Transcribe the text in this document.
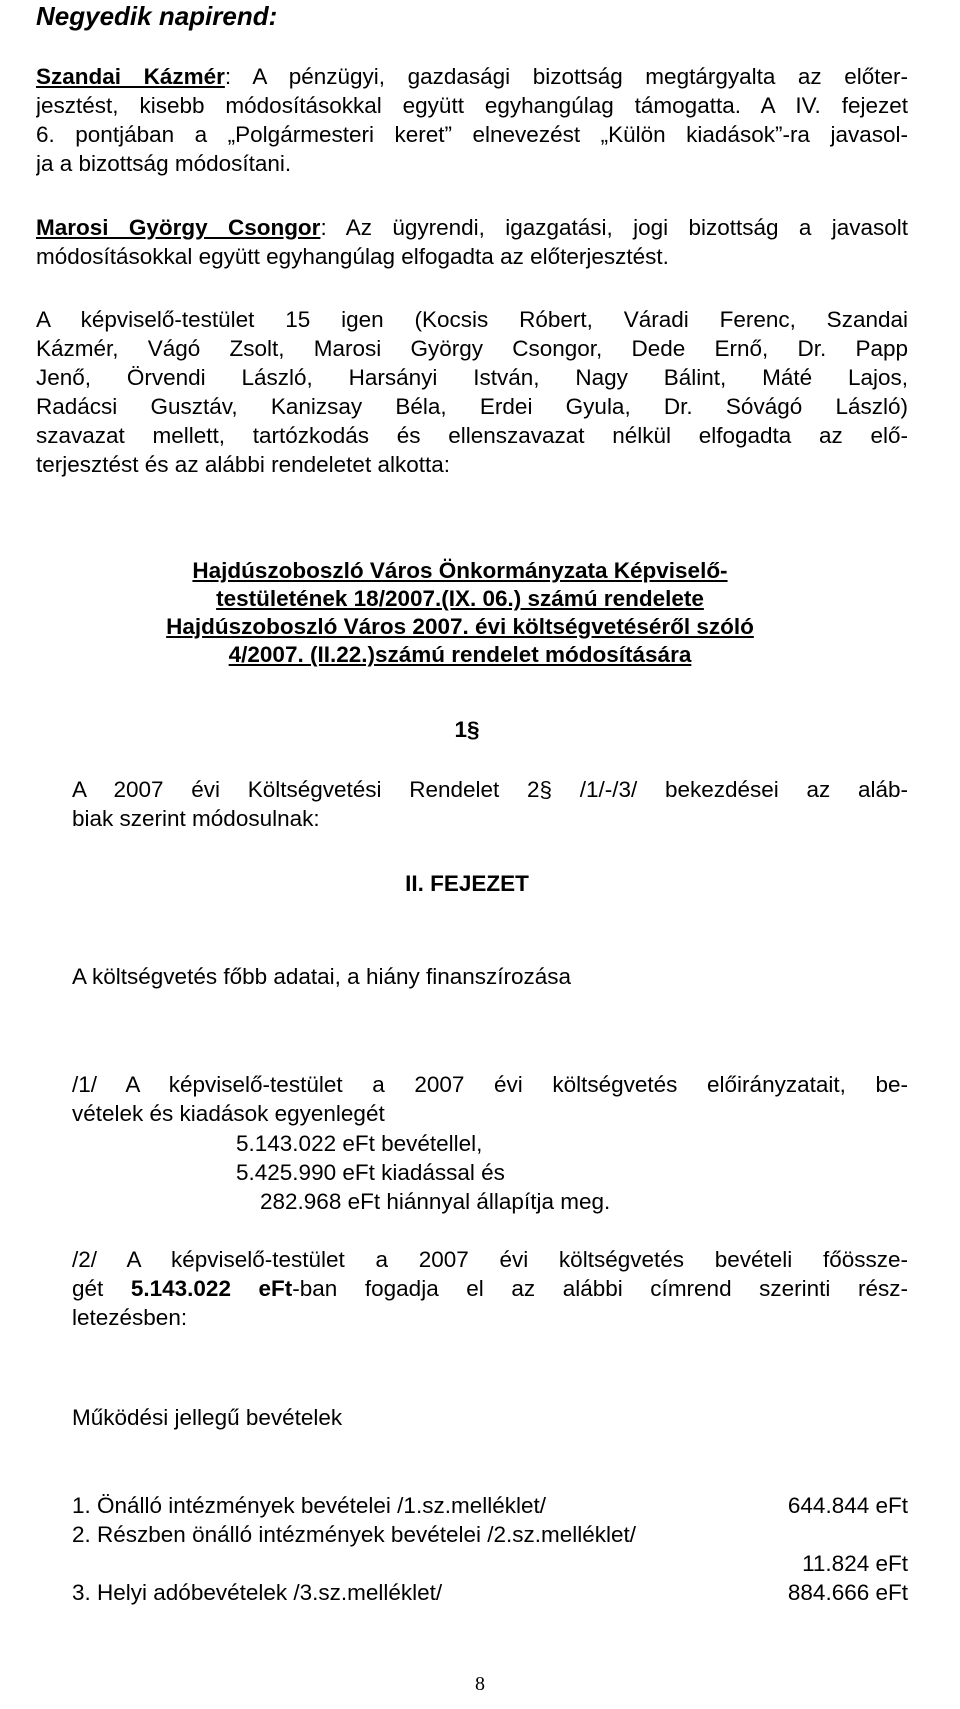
Negyedik napirend:
Szandai Kázmér: A pénzügyi, gazdasági bizottság megtárgyalta az előter-
jesztést, kisebb módosításokkal együtt egyhangúlag támogatta. A IV. fejezet
6. pontjában a „Polgármesteri keret” elnevezést „Külön kiadások”-ra javasol-
ja a bizottság módosítani.
Marosi György Csongor: Az ügyrendi, igazgatási, jogi bizottság a javasolt
módosításokkal együtt egyhangúlag elfogadta az előterjesztést.
A képviselő-testület 15 igen (Kocsis Róbert, Váradi Ferenc, Szandai
Kázmér, Vágó Zsolt, Marosi György Csongor, Dede Ernő, Dr. Papp
Jenő, Örvendi László, Harsányi István, Nagy Bálint, Máté Lajos,
Radácsi Gusztáv, Kanizsay Béla, Erdei Gyula, Dr. Sóvágó László)
szavazat mellett, tartózkodás és ellenszavazat nélkül elfogadta az elő-
terjesztést és az alábbi rendeletet alkotta:
Hajdúszoboszló Város Önkormányzata Képviselő-
testületének 18/2007.(IX. 06.) számú rendelete
Hajdúszoboszló Város 2007. évi költségvetéséről szóló
4/2007. (II.22.)számú rendelet módosítására
1§
A 2007 évi Költségvetési Rendelet 2§ /1/-/3/ bekezdései az aláb-
biak szerint módosulnak:
II. FEJEZET
A költségvetés főbb adatai, a hiány finanszírozása
/1/ A képviselő-testület a 2007 évi költségvetés előirányzatait, be-
vételek és kiadások egyenlegét
5.143.022 eFt bevétellel,
5.425.990 eFt kiadással és
282.968 eFt hiánnyal állapítja meg.
/2/ A képviselő-testület a 2007 évi költségvetés bevételi főössze-
gét 5.143.022 eFt-ban fogadja el az alábbi címrend szerinti rész-
letezésben:
Működési jellegű bevételek
1. Önálló intézmények bevételei /1.sz.melléklet/	644.844 eFt
2. Részben önálló intézmények bevételei /2.sz.melléklet/
11.824 eFt
3. Helyi adóbevételek /3.sz.melléklet/	884.666 eFt
8
